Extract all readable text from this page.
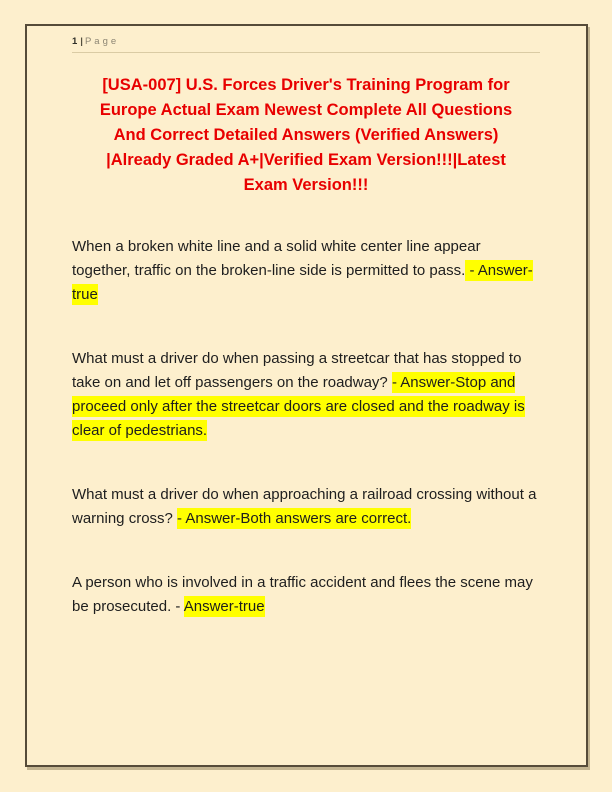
1 | Page
[USA-007] U.S. Forces Driver's Training Program for
Europe Actual Exam Newest Complete All Questions
And Correct Detailed Answers (Verified Answers)
|Already Graded A+|Verified Exam Version!!!|Latest
Exam Version!!!

When a broken white line and a solid white center line appear together, traffic on the broken-line side is permitted to pass. - Answer-true

What must a driver do when passing a streetcar that has stopped to take on and let off passengers on the roadway? - Answer-Stop and proceed only after the streetcar doors are closed and the roadway is clear of pedestrians.

What must a driver do when approaching a railroad crossing without a warning cross? - Answer-Both answers are correct.

A person who is involved in a traffic accident and flees the scene may be prosecuted. - Answer-true
